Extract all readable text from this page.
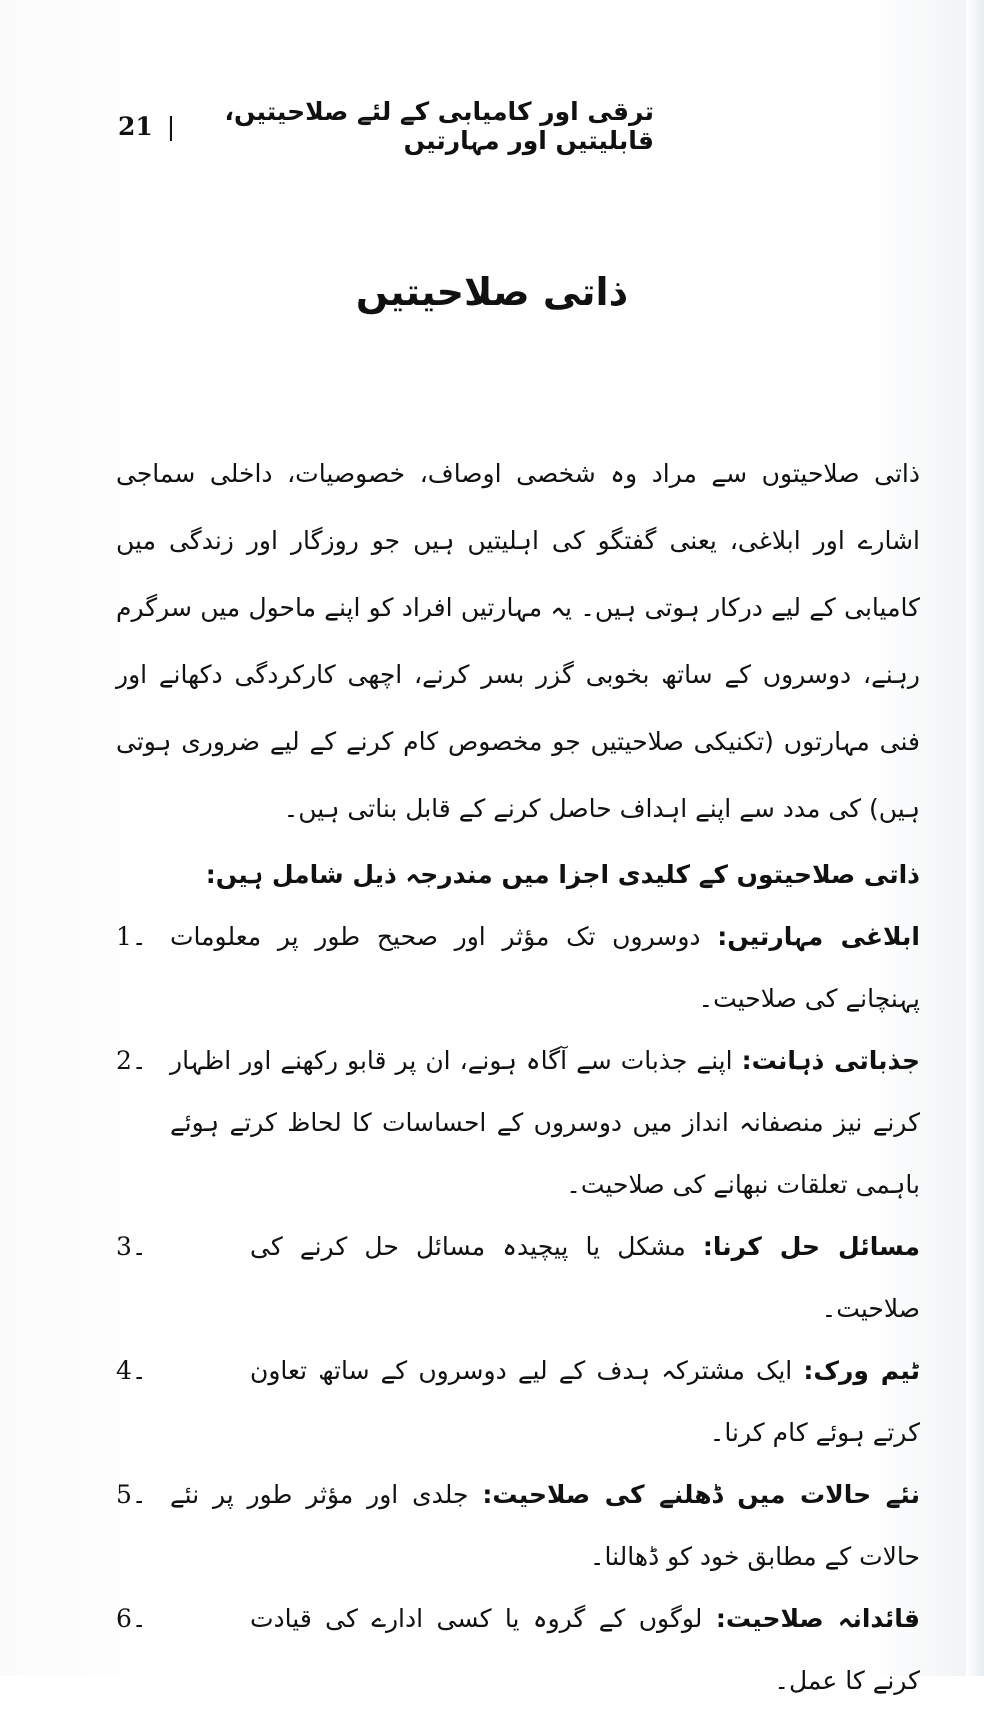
21 |	ترقی اور کامیابی کے لئے صلاحیتیں، قابلیتیں اور مہارتیں
ذاتی صلاحیتیں

ذاتی صلاحیتوں سے مراد وہ شخصی اوصاف، خصوصیات، داخلی سماجی اشارے اور ابلاغی، یعنی گفتگو کی اہلیتیں ہیں جو روزگار اور زندگی میں کامیابی کے لیے درکار ہوتی ہیں۔ یہ مہارتیں افراد کو اپنے ماحول میں سرگرم رہنے، دوسروں کے ساتھ بخوبی گزر بسر کرنے، اچھی کارکردگی دکھانے اور فنی مہارتوں (تکنیکی صلاحیتیں جو مخصوص کام کرنے کے لیے ضروری ہوتی ہیں) کی مدد سے اپنے اہداف حاصل کرنے کے قابل بناتی ہیں۔

ذاتی صلاحیتوں کے کلیدی اجزا میں مندرجہ ذیل شامل ہیں:
ابلاغی مہارتیں: دوسروں تک مؤثر اور صحیح طور پر معلومات پہنچانے کی صلاحیت۔
1۔
جذباتی ذہانت: اپنے جذبات سے آگاہ ہونے، ان پر قابو رکھنے اور اظہار کرنے نیز منصفانہ انداز میں دوسروں کے احساسات کا لحاظ کرتے ہوئے باہمی تعلقات نبھانے کی صلاحیت۔
2۔
مسائل حل کرنا: مشکل یا پیچیدہ مسائل حل کرنے کی صلاحیت۔
3۔
ٹیم ورک: ایک مشترکہ ہدف کے لیے دوسروں کے ساتھ تعاون کرتے ہوئے کام کرنا۔
4۔
نئے حالات میں ڈھلنے کی صلاحیت: جلدی اور مؤثر طور پر نئے حالات کے مطابق خود کو ڈھالنا۔
5۔
قائدانہ صلاحیت: لوگوں کے گروہ یا کسی ادارے کی قیادت کرنے کا عمل۔
6۔
